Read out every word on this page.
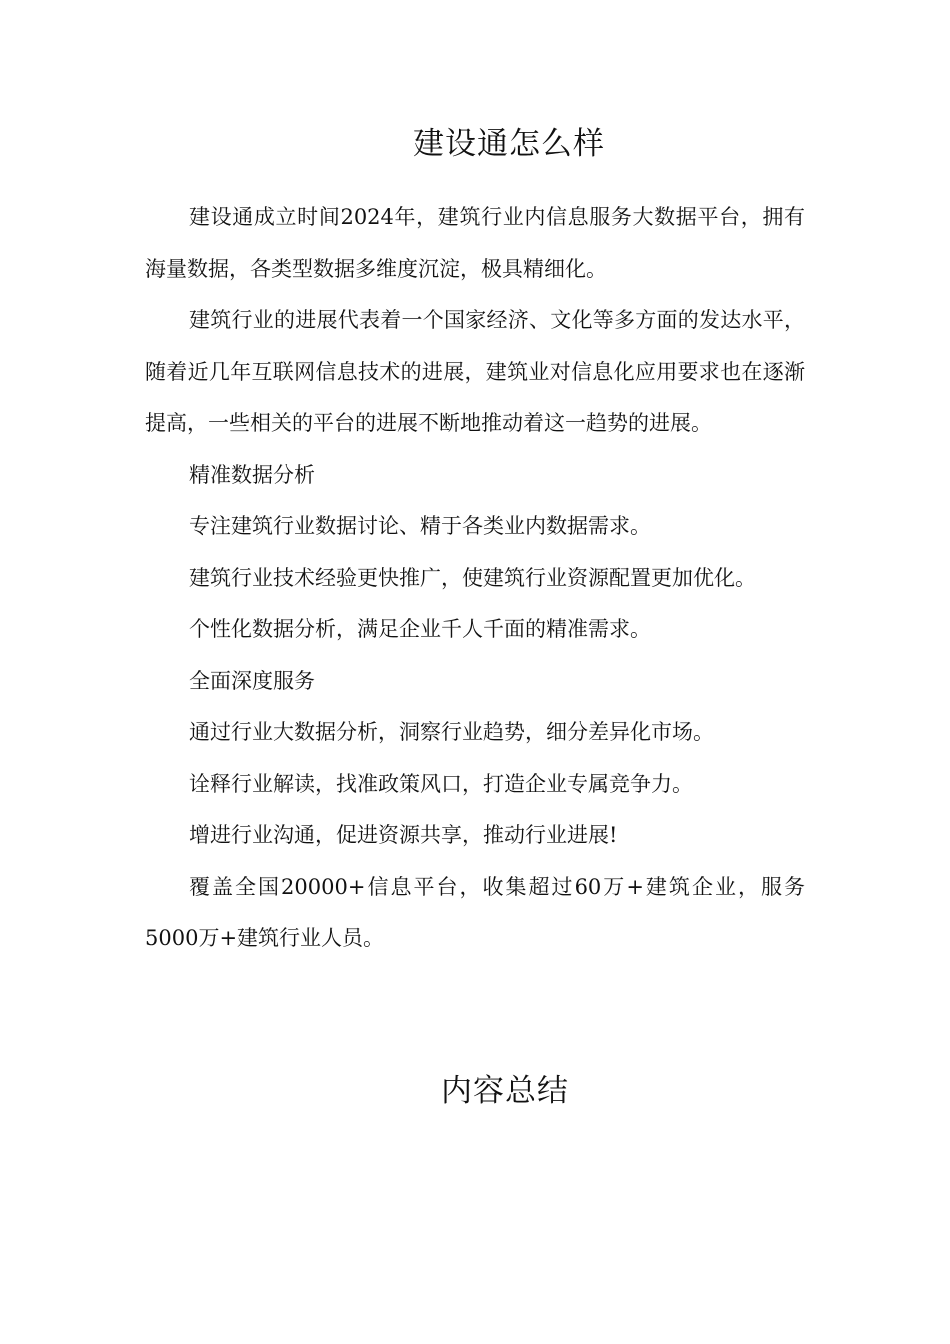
建设通怎么样

建设通成立时间2024年，建筑行业内信息服务大数据平台，拥有海量数据，各类型数据多维度沉淀，极具精细化。

建筑行业的进展代表着一个国家经济、文化等多方面的发达水平，随着近几年互联网信息技术的进展，建筑业对信息化应用要求也在逐渐提高，一些相关的平台的进展不断地推动着这一趋势的进展。

精准数据分析

专注建筑行业数据讨论、精于各类业内数据需求。

建筑行业技术经验更快推广，使建筑行业资源配置更加优化。

个性化数据分析，满足企业千人千面的精准需求。

全面深度服务

通过行业大数据分析，洞察行业趋势，细分差异化市场。

诠释行业解读，找准政策风口，打造企业专属竞争力。

增进行业沟通，促进资源共享，推动行业进展!

覆盖全国20000+信息平台，收集超过60万+建筑企业，服务5000万+建筑行业人员。

内容总结
